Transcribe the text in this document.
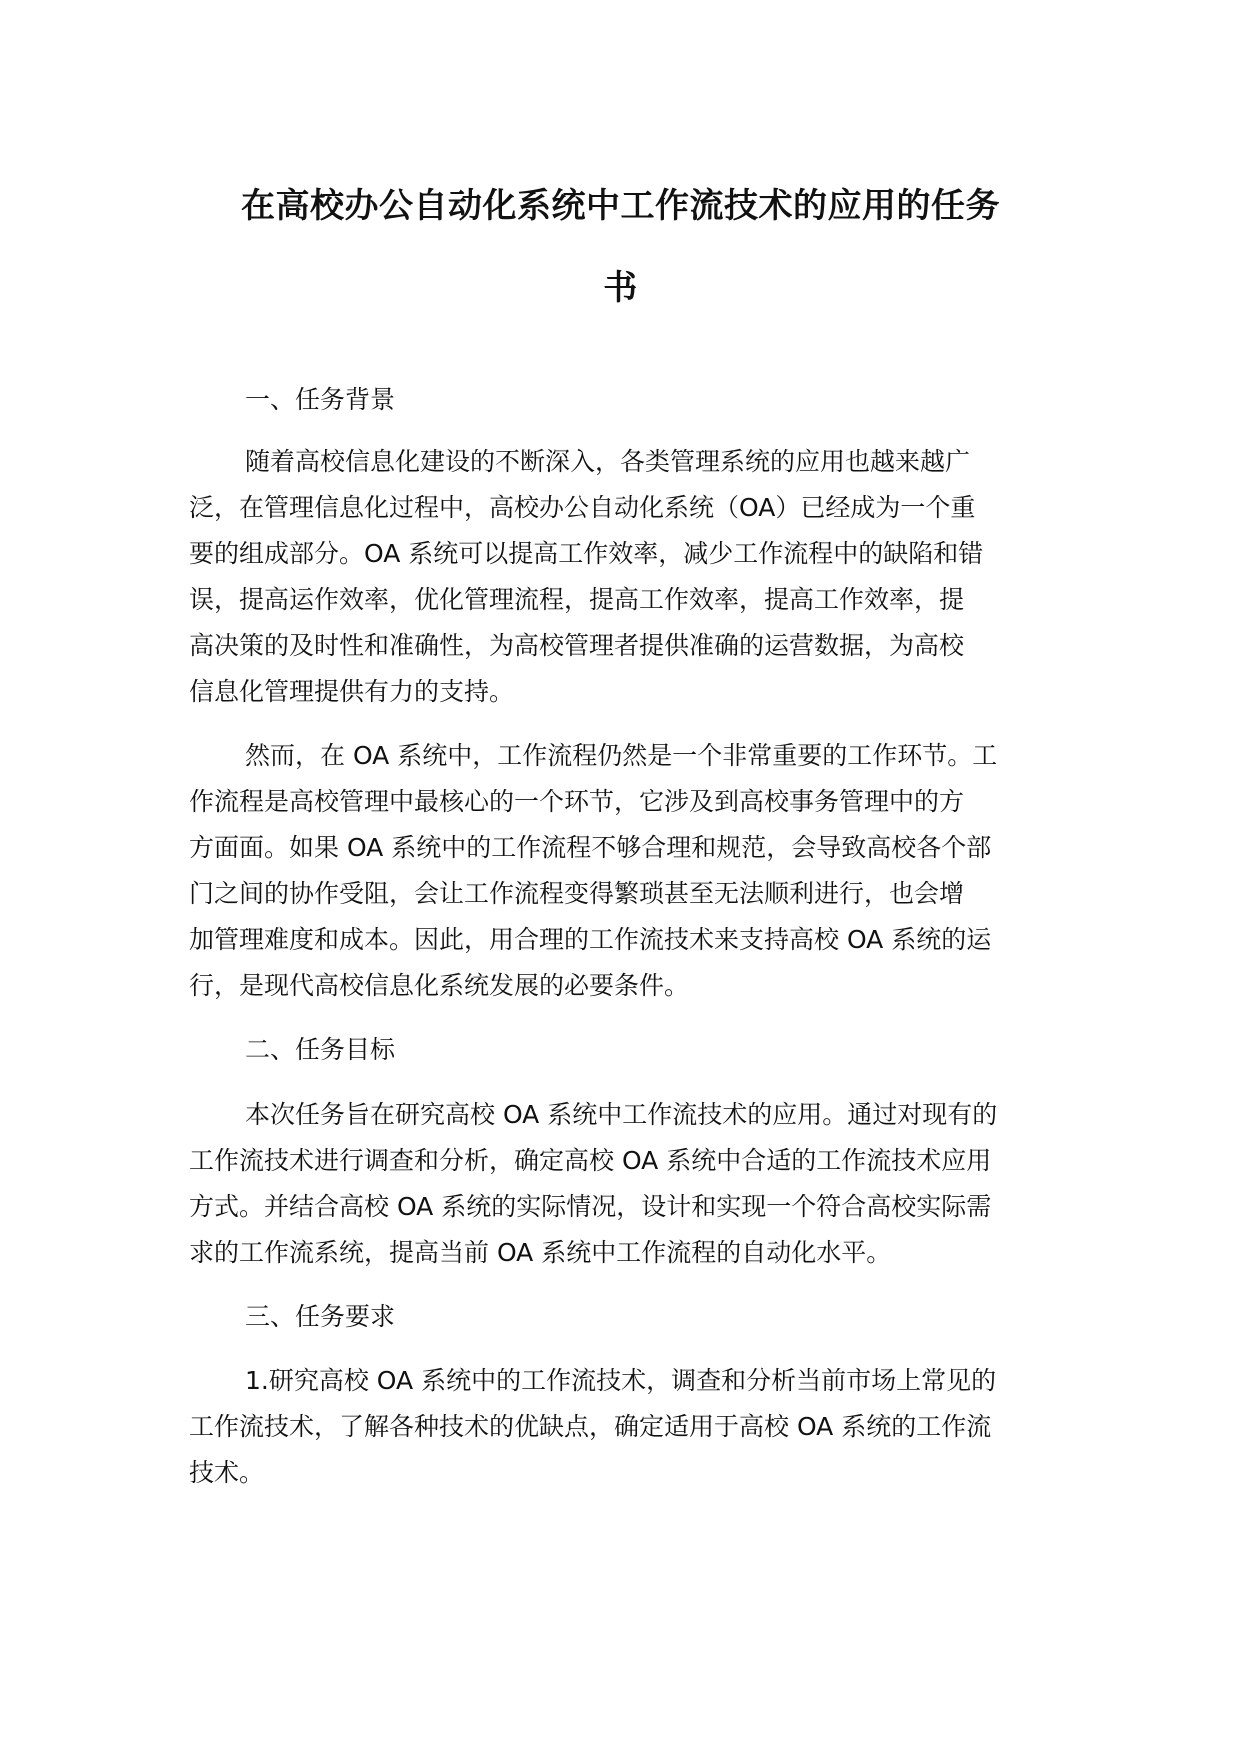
在高校办公自动化系统中工作流技术的应用的任务
书
一、任务背景
随着高校信息化建设的不断深入，各类管理系统的应用也越来越广
泛，在管理信息化过程中，高校办公自动化系统（OA）已经成为一个重
要的组成部分。OA 系统可以提高工作效率，减少工作流程中的缺陷和错
误，提高运作效率，优化管理流程，提高工作效率，提高工作效率，提
高决策的及时性和准确性，为高校管理者提供准确的运营数据，为高校
信息化管理提供有力的支持。
然而，在 OA 系统中，工作流程仍然是一个非常重要的工作环节。工
作流程是高校管理中最核心的一个环节，它涉及到高校事务管理中的方
方面面。如果 OA 系统中的工作流程不够合理和规范，会导致高校各个部
门之间的协作受阻，会让工作流程变得繁琐甚至无法顺利进行，也会增
加管理难度和成本。因此，用合理的工作流技术来支持高校 OA 系统的运
行，是现代高校信息化系统发展的必要条件。
二、任务目标
本次任务旨在研究高校 OA 系统中工作流技术的应用。通过对现有的
工作流技术进行调查和分析，确定高校 OA 系统中合适的工作流技术应用
方式。并结合高校 OA 系统的实际情况，设计和实现一个符合高校实际需
求的工作流系统，提高当前 OA 系统中工作流程的自动化水平。
三、任务要求
1.研究高校 OA 系统中的工作流技术，调查和分析当前市场上常见的
工作流技术，了解各种技术的优缺点，确定适用于高校 OA 系统的工作流
技术。
